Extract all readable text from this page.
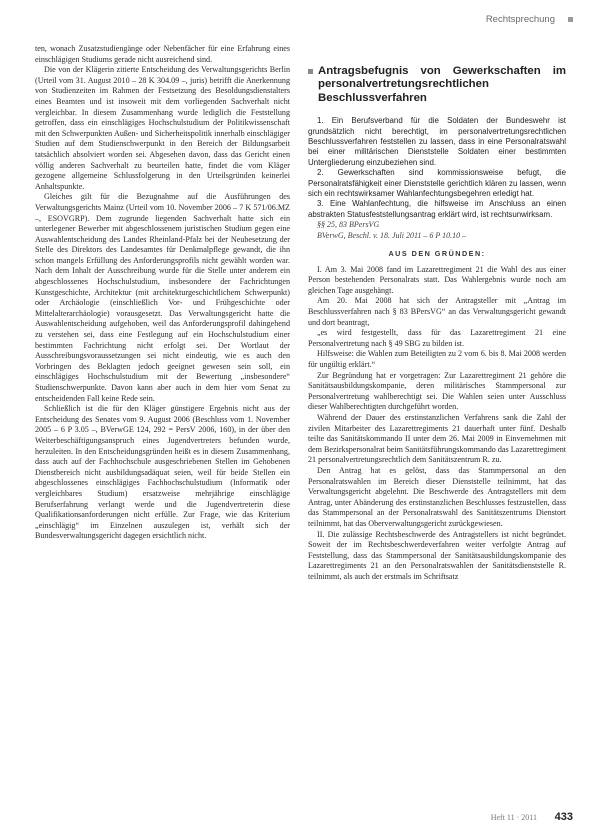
Rechtsprechung

ten, wonach Zusatzstudiengänge oder Nebenfächer für eine Erfahrung eines einschlägigen Studiums gerade nicht ausreichend sind.

Die von der Klägerin zitierte Entscheidung des Verwaltungsgerichts Berlin (Urteil vom 31. August 2010 – 28 K 304.09 –, juris) betrifft die Anerkennung von Studienzeiten im Rahmen der Festsetzung des Besoldungsdienstalters eines Beamten und ist insoweit mit dem vorliegenden Sachverhalt nicht vergleichbar. In diesem Zusammenhang wurde lediglich die Feststellung getroffen, dass ein einschlägiges Hochschulstudium der Politikwissenschaft mit den Schwerpunkten Außen- und Sicherheitspolitik innerhalb einschlägiger Studien auf dem Studienschwerpunkt in den Bereich der Bildungsarbeit tatsächlich absolviert worden sei. Abgesehen davon, dass das Gericht einen völlig anderen Sachverhalt zu beurteilen hatte, findet die vom Kläger gezogene allgemeine Schlussfolgerung in den Urteilsgründen keinerlei Anhaltspunkte.

Gleiches gilt für die Bezugnahme auf die Ausführungen des Verwaltungsgerichts Mainz (Urteil vom 10. November 2006 – 7 K 571/06.MZ –, ESOVGRP). Dem zugrunde liegenden Sachverhalt hatte sich ein unterlegener Bewerber mit abgeschlossenem juristischen Studium gegen eine Auswahlentscheidung des Landes Rheinland-Pfalz bei der Neubesetzung der Stelle des Direktors des Landesamtes für Denkmalpflege gewandt, die ihn schon mangels Erfüllung des Anforderungsprofils nicht gewählt worden war. Nach dem Inhalt der Ausschreibung wurde für die Stelle unter anderem ein abgeschlossenes Hochschulstudium, insbesondere der Fachrichtungen Kunstgeschichte, Architektur (mit architekturgeschichtlichem Schwerpunkt) oder Archäologie (einschließlich Vor- und Frühgeschichte oder Mittelalterarchäologie) vorausgesetzt. Das Verwaltungsgericht hatte die Auswahlentscheidung aufgehoben, weil das Anforderungsprofil dahingehend zu verstehen sei, dass eine Festlegung auf ein Hochschulstudium einer bestimmten Fachrichtung nicht erfolgt sei. Der Wortlaut der Ausschreibungsvoraussetzungen sei nicht eindeutig, wie es auch den Vorbringen des Beklagten jedoch geeignet gewesen sein soll, ein einschlägiges Hochschulstudium mit der Bewertung „insbesondere“ Studienschwerpunkte. Davon kann aber auch in dem hier vom Senat zu entscheidenden Fall keine Rede sein.

Schließlich ist die für den Kläger günstigere Ergebnis nicht aus der Entscheidung des Senates vom 9. August 2006 (Beschluss vom 1. November 2005 – 6 P 3.05 –, BVerwGE 124, 292 = PersV 2006, 160), in der über den Weiterbeschäftigungsanspruch eines Jugendvertreters befunden wurde, herzuleiten. In den Entscheidungsgründen heißt es in diesem Zusammenhang, dass auch auf der Fachhochschule ausgeschriebenen Stellen im Gehobenen Dienstbereich nicht ausbildungsadäquat seien, weil für beide Stellen ein abgeschlossenes einschlägiges Fachhochschulstudium (Informatik oder vergleichbares Studium) ersatzweise mehrjährige einschlägige Berufserfahrung verlangt werde und die Jugendvertreterin diese Qualifikationsanforderungen nicht erfülle. Zur Frage, wie das Kriterium „einschlägig“ im Einzelnen auszulegen ist, verhält sich der Bundesverwaltungsgericht dagegen ersichtlich nicht.

Antragsbefugnis von Gewerkschaften im personalvertretungsrechtlichen Beschlussverfahren

1. Ein Berufsverband für die Soldaten der Bundeswehr ist grundsätzlich nicht berechtigt, im personalvertretungsrechtlichen Beschlussverfahren feststellen zu lassen, dass in eine Personalratswahl bei einer militärischen Dienststelle Soldaten einer bestimmten Untergliederung einzubeziehen sind.

2. Gewerkschaften sind kommissionsweise befugt, die Personalratsfähigkeit einer Dienststelle gerichtlich klären zu lassen, wenn sich ein rechtswirksamer Wahlanfechtungsbegehren erledigt hat.

3. Eine Wahlanfechtung, die hilfsweise im Anschluss an einen abstrakten Statusfeststellungsantrag erklärt wird, ist rechtsunwirksam.

§§ 25, 83 BPersVG

BVerwG, Beschl. v. 18. Juli 2011 – 6 P 10.10 –

AUS DEN GRÜNDEN:

I. Am 3. Mai 2008 fand im Lazarettregiment 21 die Wahl des aus einer Person bestehenden Personalrats statt. Das Wahlergebnis wurde noch am gleichen Tage ausgehängt.

Am 20. Mai 2008 hat sich der Antragsteller mit „Antrag im Beschlussverfahren nach § 83 BPersVG“ an das Verwaltungsgericht gewandt und dort beantragt,

„es wird festgestellt, dass für das Lazarettregiment 21 eine Personalvertretung nach § 49 SBG zu bilden ist.

Hilfsweise: die Wahlen zum Beteiligten zu 2 vom 6. bis 8. Mai 2008 werden für ungültig erklärt.“

Zur Begründung hat er vorgetragen: Zur Lazarettregiment 21 gehöre die Sanitätsausbildungskompanie, deren militärisches Stammpersonal zur Personalvertretung wahlberechtigt sei. Die Wahlen seien unter Ausschluss dieser Wahlberechtigten durchgeführt worden.

Während der Dauer des erstinstanzlichen Verfahrens sank die Zahl der zivilen Mitarbeiter des Lazarettregiments 21 dauerhaft unter fünf. Deshalb teilte das Sanitätskommando II unter dem 26. Mai 2009 in Einvernehmen mit dem Bezirkspersonalrat beim Sanitätsführungskommando das Lazarettregiment 21 personalvertretungsrechtlich dem Sanitätszentrum R. zu.

Den Antrag hat es gelöst, dass das Stammpersonal an den Personalratswahlen im Bereich dieser Dienststelle teilnimmt, hat das Verwaltungsgericht abgelehnt. Die Beschwerde des Antragstellers mit dem Antrag, unter Abänderung des erstinstanzlichen Beschlusses festzustellen, dass das Stammpersonal an der Personalratswahl des Sanitätszentrums Dienstort teilnimmt, hat das Oberverwaltungsgericht zurückgewiesen.

II. Die zulässige Rechtsbeschwerde des Antragstellers ist nicht begründet. Soweit der im Rechtsbeschwerdeverfahren weiter verfolgte Antrag auf Feststellung, dass das Stammpersonal der Sanitätsausbildungskompanie des Lazarettregiments 21 an den Personalratswahlen der Sanitätsdienststelle R. teilnimmt, als auch der erstmals im Schriftsatz

Heft 11 · 2011 433
